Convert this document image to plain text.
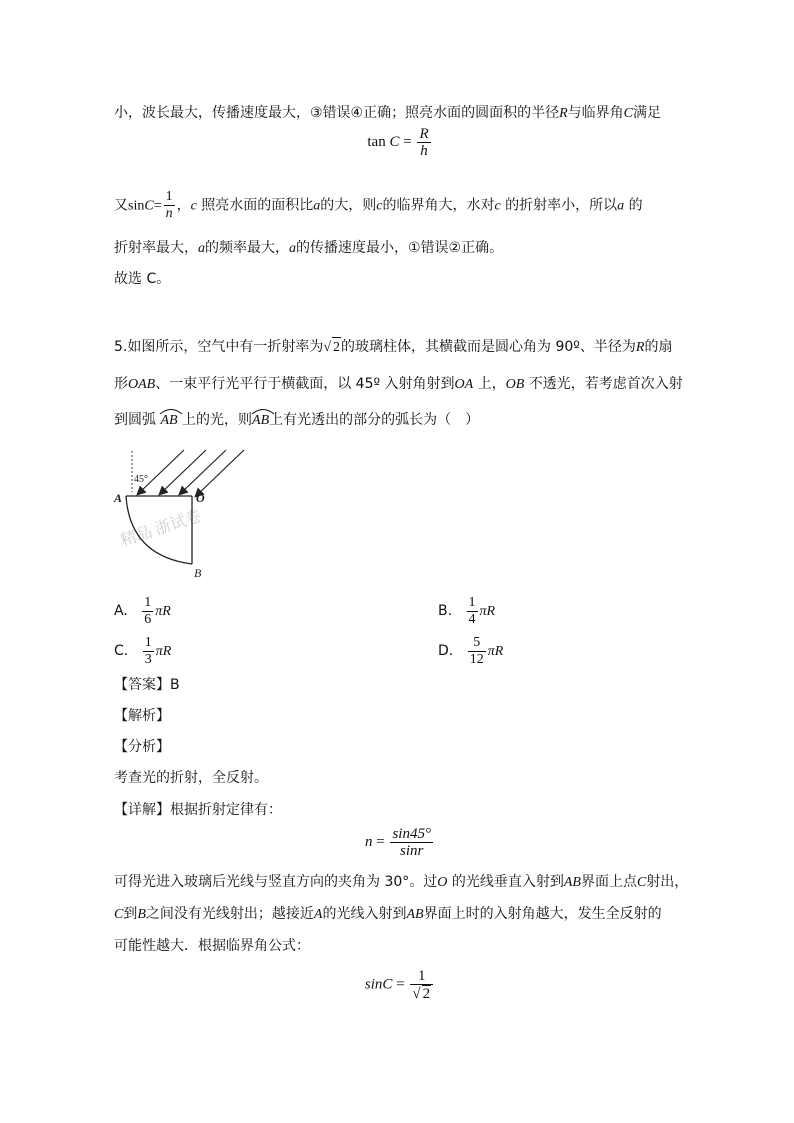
小，波长最大，传播速度最大，③错误④正确；照亮水面的圆面积的半径R与临界角C满足
$\tan C = \frac{R}{h}$
又$\sin C= \frac{1}{n}$ ，c 照亮水面的面积比a的大，则c的临界角大，水对c 的折射率小，所以a 的
折射率最大，a的频率最大，a的传播速度最小，①错误②正确。
故选 C。
5.如图所示，空气中有一折射率为√ 2的玻璃柱体，其横截而是圆心角为 90º、半径为R的扇
形OAB、一束平行光平行于横截面，以 45º 入射角射到OA 上，OB 不透光，若考虑首次入射
到圆弧 AB 上的光，则
AB上有光透出的部分的弧长为（　）
精品 浙试卷
45°
A	O
B
A. $\frac{1}{6}$ πR	B. $\frac{1}{4}$ πR
C. $\frac{1}{3}$ πR	D. $\frac{5}{12}$ πR
【答案】B
【解析】
【分析】
考查光的折射，全反射。
【详解】根据折射定律有：
$n = \frac{\sin 45^\circ}{\sin r}$
可得光进入玻璃后光线与竖直方向的夹角为 30°。过O 的光线垂直入射到AB界面上点C射出，
C到B之间没有光线射出；越接近A的光线入射到AB界面上时的入射角越大，发生全反射的
可能性越大．根据临界角公式：
$\sin C = \frac{1}{√ 2}$
